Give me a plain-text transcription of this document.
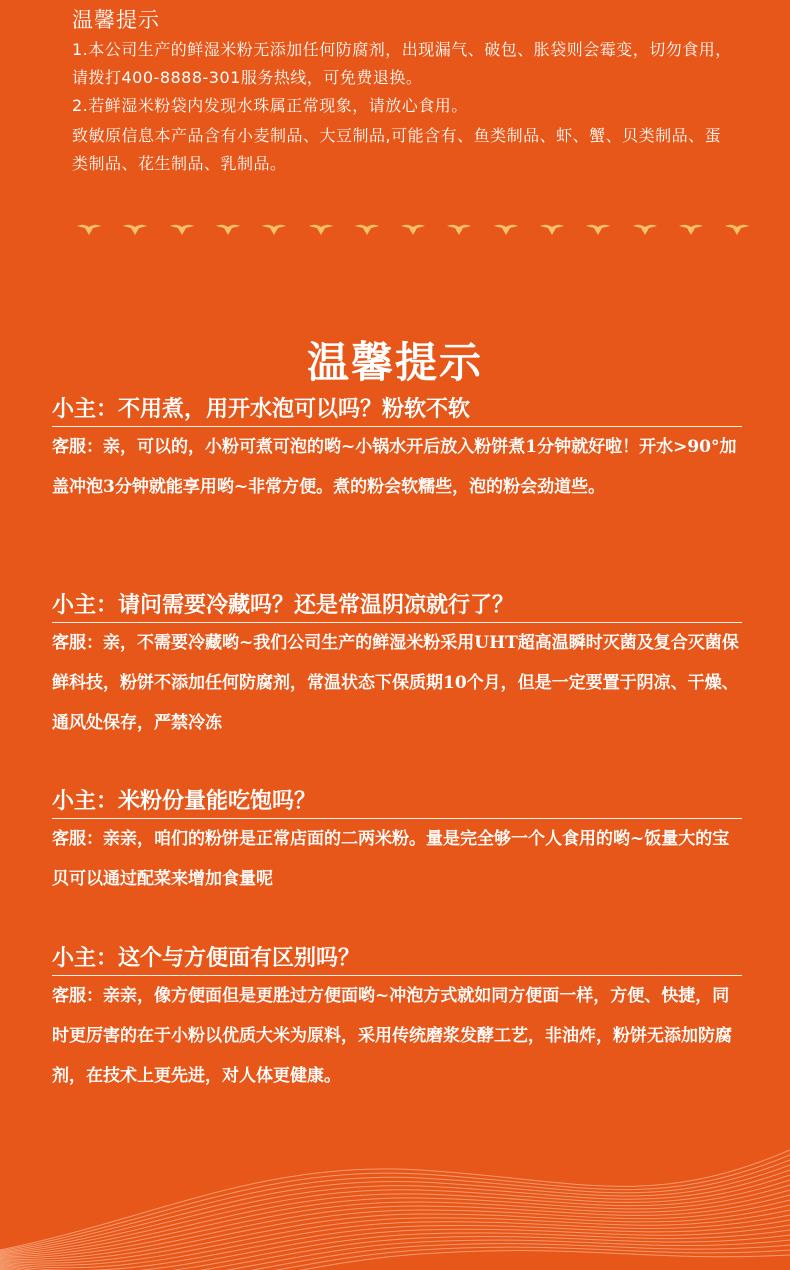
温馨提示
1.本公司生产的鲜湿米粉无添加任何防腐剂，出现漏气、破包、胀袋则会霉变，切勿食用，请拨打400-8888-301服务热线，可免费退换。
2.若鲜湿米粉袋内发现水珠属正常现象，请放心食用。
致敏原信息本产品含有小麦制品、大豆制品,可能含有、鱼类制品、虾、蟹、贝类制品、蛋类制品、花生制品、乳制品。
温馨提示
小主：不用煮，用开水泡可以吗？粉软不软
客服：亲，可以的，小粉可煮可泡的哟~小锅水开后放入粉饼煮1分钟就好啦！开水>90°加盖冲泡3分钟就能享用哟~非常方便。煮的粉会软糯些，泡的粉会劲道些。
小主：请问需要冷藏吗？还是常温阴凉就行了？
客服：亲，不需要冷藏哟~我们公司生产的鲜湿米粉采用UHT超高温瞬时灭菌及复合灭菌保鲜科技，粉饼不添加任何防腐剂，常温状态下保质期10个月，但是一定要置于阴凉、干燥、通风处保存，严禁冷冻
小主：米粉份量能吃饱吗？
客服：亲亲，咱们的粉饼是正常店面的二两米粉。量是完全够一个人食用的哟~饭量大的宝贝可以通过配菜来增加食量呢
小主：这个与方便面有区别吗？
客服：亲亲，像方便面但是更胜过方便面哟~冲泡方式就如同方便面一样，方便、快捷，同时更厉害的在于小粉以优质大米为原料，采用传统磨浆发酵工艺，非油炸，粉饼无添加防腐剂，在技术上更先进，对人体更健康。
